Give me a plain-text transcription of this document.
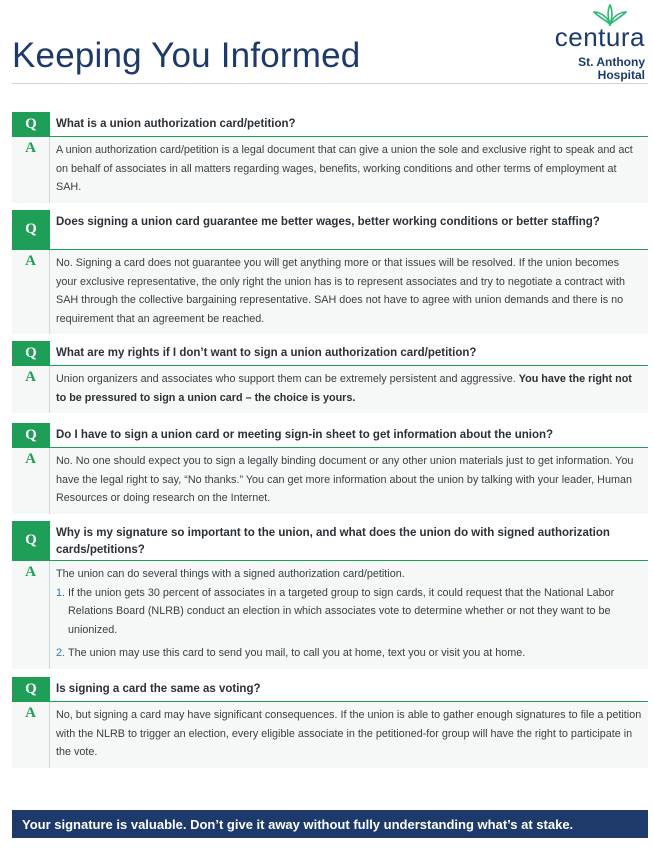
Keeping You Informed	centura
St. Anthony
Hospital
Q	What is a union authorization card/petition?
A	A union authorization card/petition is a legal document that can give a union the sole and exclusive right to speak and act on behalf of associates in all matters regarding wages, benefits, working conditions and other terms of employment at SAH.
Q	Does signing a union card guarantee me better wages, better working conditions or better staffing?
A	No. Signing a card does not guarantee you will get anything more or that issues will be resolved. If the union becomes your exclusive representative, the only right the union has is to represent associates and try to negotiate a contract with SAH through the collective bargaining representative. SAH does not have to agree with union demands and there is no requirement that an agreement be reached.
Q	What are my rights if I don’t want to sign a union authorization card/petition?
A	Union organizers and associates who support them can be extremely persistent and aggressive. You have the right not to be pressured to sign a union card – the choice is yours.
Q	Do I have to sign a union card or meeting sign-in sheet to get information about the union?
A	No. No one should expect you to sign a legally binding document or any other union materials just to get information. You have the legal right to say, “No thanks.” You can get more information about the union by talking with your leader, Human Resources or doing research on the Internet.
Q	Why is my signature so important to the union, and what does the union do with signed authorization cards/petitions?
A	The union can do several things with a signed authorization card/petition.
1. If the union gets 30 percent of associates in a targeted group to sign cards, it could request that the National Labor Relations Board (NLRB) conduct an election in which associates vote to determine whether or not they want to be unionized.
2. The union may use this card to send you mail, to call you at home, text you or visit you at home.
Q	Is signing a card the same as voting?
A	No, but signing a card may have significant consequences. If the union is able to gather enough signatures to file a petition with the NLRB to trigger an election, every eligible associate in the petitioned-for group will have the right to participate in the vote.
Your signature is valuable. Don’t give it away without fully understanding what’s at stake.
